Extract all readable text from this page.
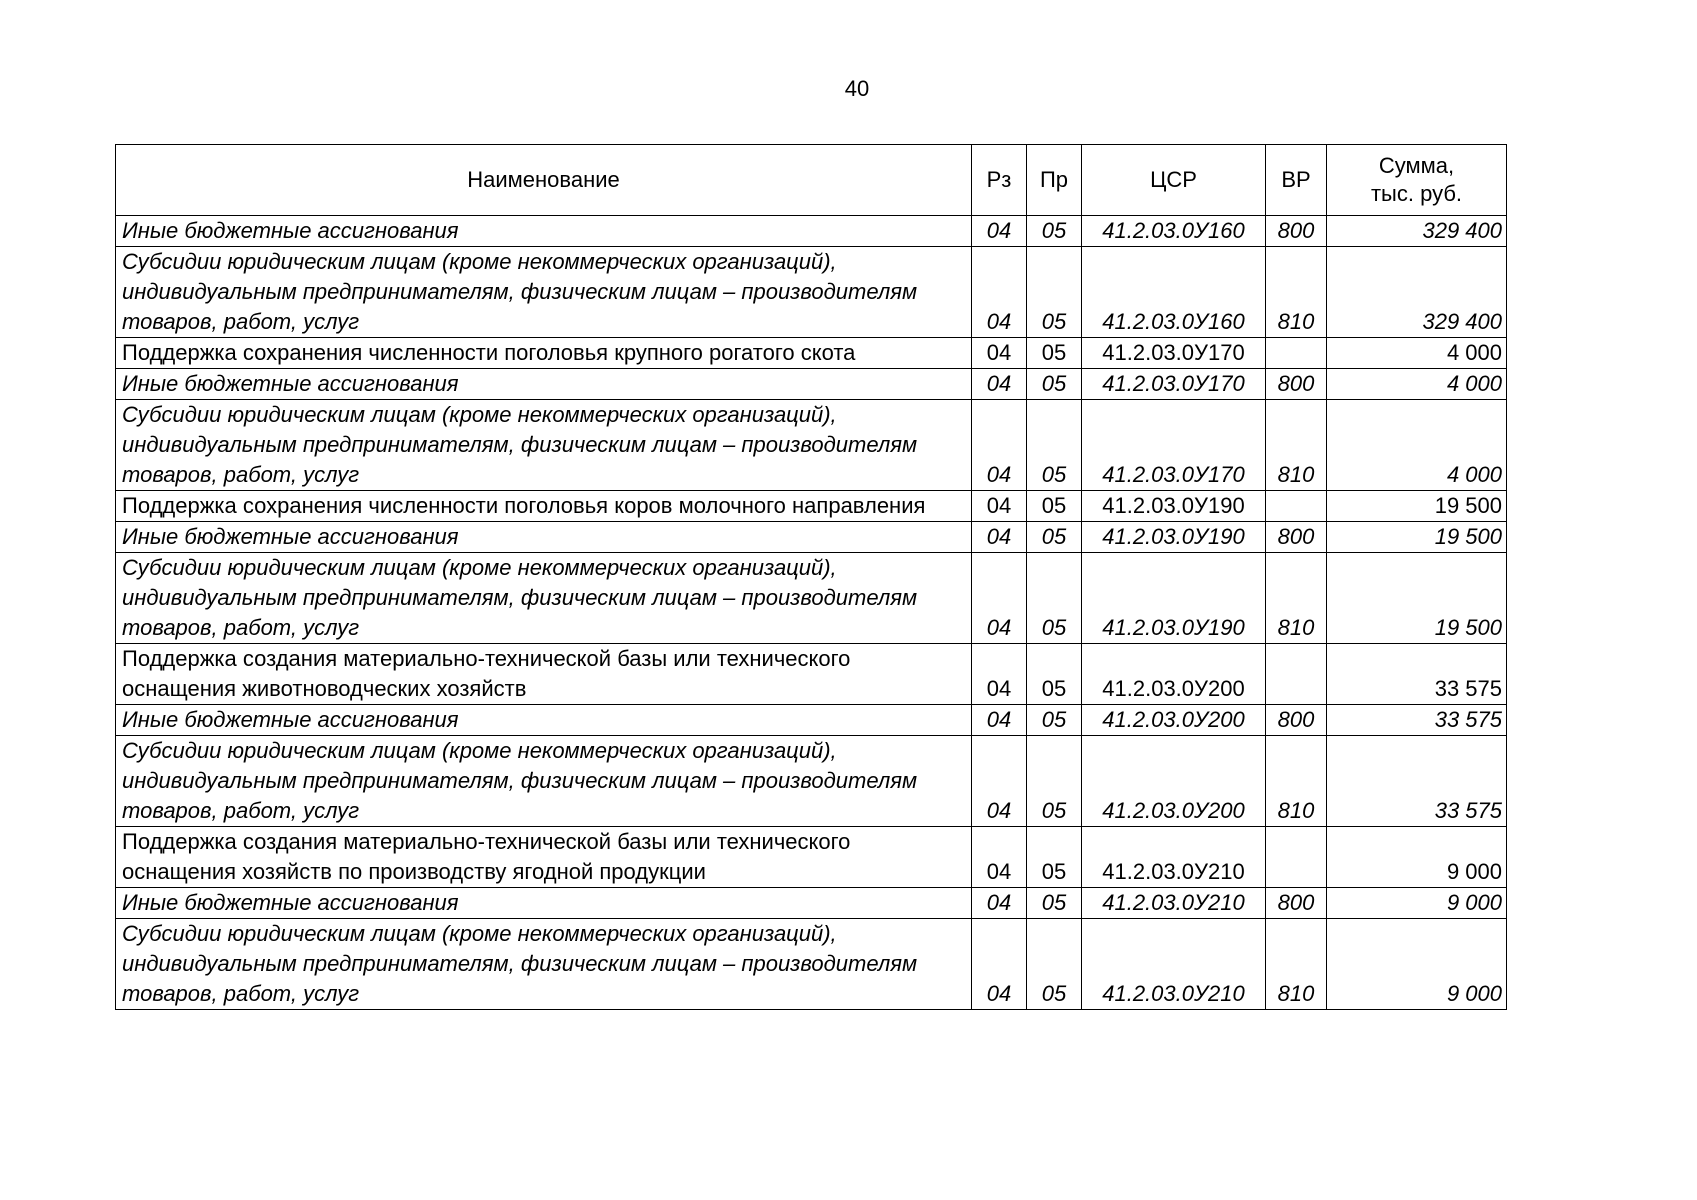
40
Наименование	Рз	Пр	ЦСР	ВР	Сумма,
тыс. руб.

Иные бюджетные ассигнования	04	05	41.2.03.0У160	800	329 400
Субсидии юридическим лицам (кроме некоммерческих организаций), индивидуальным предпринимателям, физическим лицам – производителям товаров, работ, услуг	04	05	41.2.03.0У160	810	329 400
Поддержка сохранения численности поголовья крупного рогатого скота	04	05	41.2.03.0У170		4 000
Иные бюджетные ассигнования	04	05	41.2.03.0У170	800	4 000
Субсидии юридическим лицам (кроме некоммерческих организаций), индивидуальным предпринимателям, физическим лицам – производителям товаров, работ, услуг	04	05	41.2.03.0У170	810	4 000
Поддержка сохранения численности поголовья коров молочного направления	04	05	41.2.03.0У190		19 500
Иные бюджетные ассигнования	04	05	41.2.03.0У190	800	19 500
Субсидии юридическим лицам (кроме некоммерческих организаций), индивидуальным предпринимателям, физическим лицам – производителям товаров, работ, услуг	04	05	41.2.03.0У190	810	19 500
Поддержка создания материально-технической базы или технического оснащения животноводческих хозяйств	04	05	41.2.03.0У200		33 575
Иные бюджетные ассигнования	04	05	41.2.03.0У200	800	33 575
Субсидии юридическим лицам (кроме некоммерческих организаций), индивидуальным предпринимателям, физическим лицам – производителям товаров, работ, услуг	04	05	41.2.03.0У200	810	33 575
Поддержка создания материально-технической базы или технического оснащения хозяйств по производству ягодной продукции	04	05	41.2.03.0У210		9 000
Иные бюджетные ассигнования	04	05	41.2.03.0У210	800	9 000
Субсидии юридическим лицам (кроме некоммерческих организаций), индивидуальным предпринимателям, физическим лицам – производителям товаров, работ, услуг	04	05	41.2.03.0У210	810	9 000
